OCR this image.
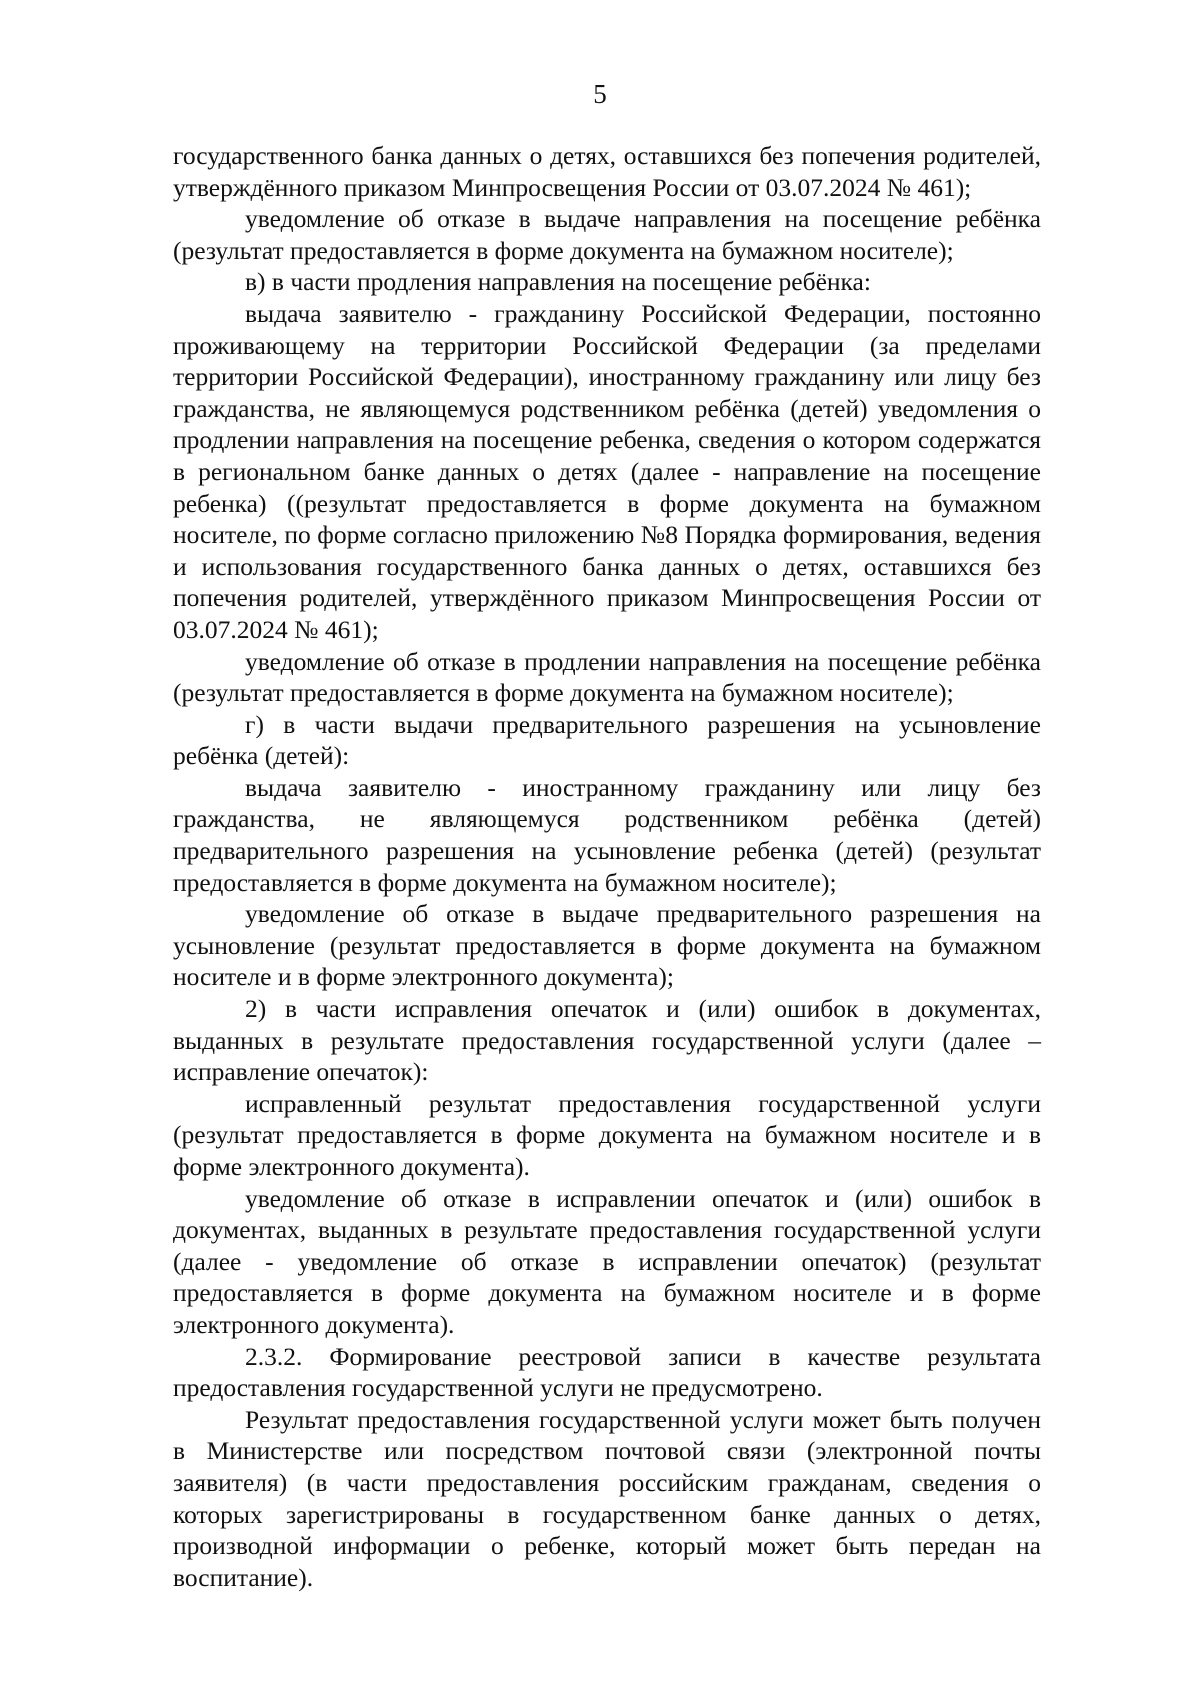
5

государственного банка данных о детях, оставшихся без попечения родителей, утверждённого приказом Минпросвещения России от 03.07.2024 № 461);

уведомление об отказе в выдаче направления на посещение ребёнка (результат предоставляется в форме документа на бумажном носителе);

в) в части продления направления на посещение ребёнка:

выдача заявителю - гражданину Российской Федерации, постоянно проживающему на территории Российской Федерации (за пределами территории Российской Федерации), иностранному гражданину или лицу без гражданства, не являющемуся родственником ребёнка (детей) уведомления о продлении направления на посещение ребенка, сведения о котором содержатся в региональном банке данных о детях (далее - направление на посещение ребенка) ((результат предоставляется в форме документа на бумажном носителе, по форме согласно приложению №8 Порядка формирования, ведения и использования государственного банка данных о детях, оставшихся без попечения родителей, утверждённого приказом Минпросвещения России от 03.07.2024 № 461);

уведомление об отказе в продлении направления на посещение ребёнка (результат предоставляется в форме документа на бумажном носителе);

г) в части выдачи предварительного разрешения на усыновление ребёнка (детей):

выдача заявителю - иностранному гражданину или лицу без гражданства, не являющемуся родственником ребёнка (детей) предварительного разрешения на усыновление ребенка (детей) (результат предоставляется в форме документа на бумажном носителе);

уведомление об отказе в выдаче предварительного разрешения на усыновление (результат предоставляется в форме документа на бумажном носителе и в форме электронного документа);

2) в части исправления опечаток и (или) ошибок в документах, выданных в результате предоставления государственной услуги (далее – исправление опечаток):

исправленный результат предоставления государственной услуги (результат предоставляется в форме документа на бумажном носителе и в форме электронного документа).

уведомление об отказе в исправлении опечаток и (или) ошибок в документах, выданных в результате предоставления государственной услуги (далее - уведомление об отказе в исправлении опечаток) (результат предоставляется в форме документа на бумажном носителе и в форме электронного документа).

2.3.2. Формирование реестровой записи в качестве результата предоставления государственной услуги не предусмотрено.

Результат предоставления государственной услуги может быть получен в Министерстве или посредством почтовой связи (электронной почты заявителя) (в части предоставления российским гражданам, сведения о которых зарегистрированы в государственном банке данных о детях, производной информации о ребенке, который может быть передан на воспитание).
